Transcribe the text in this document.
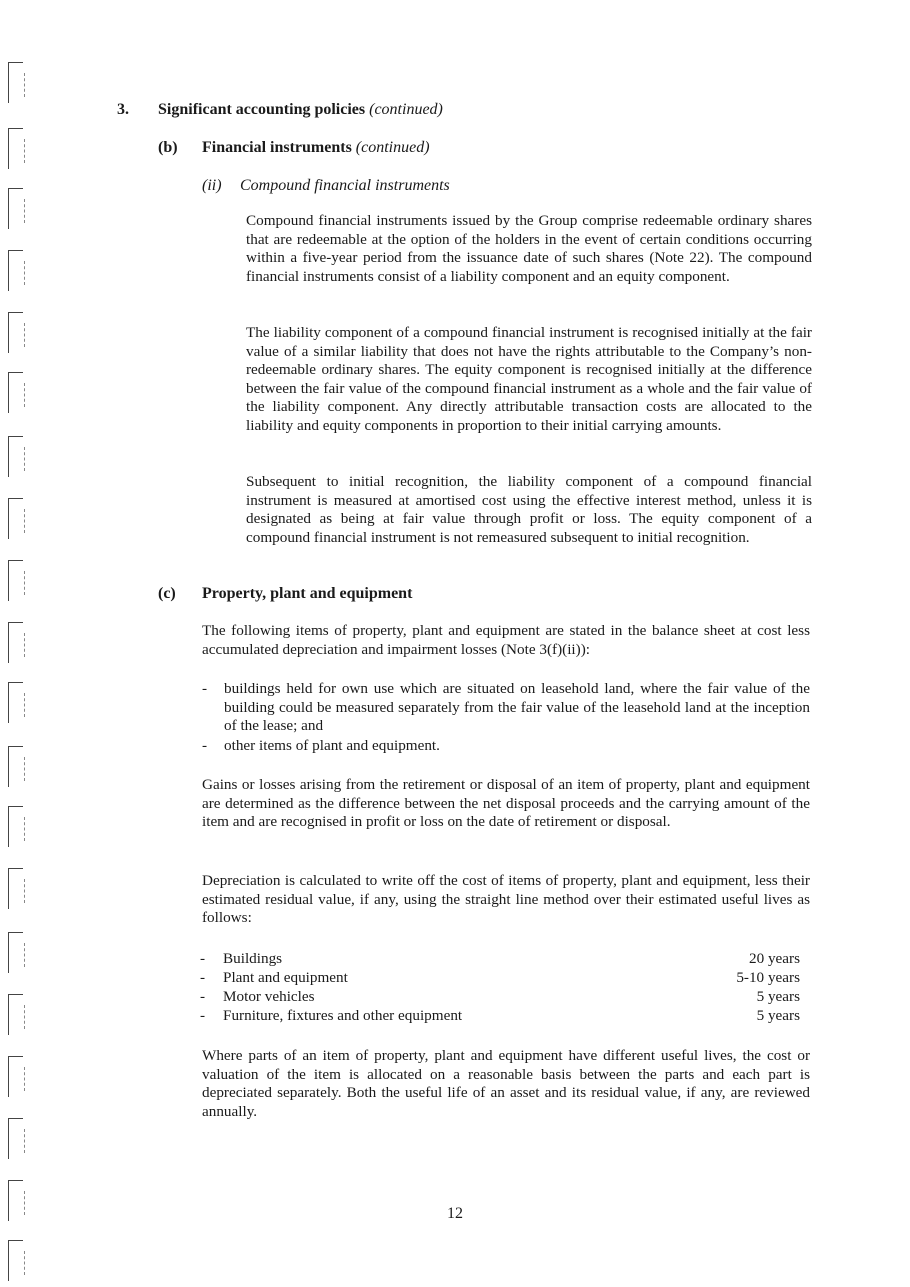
3. Significant accounting policies (continued)
(b) Financial instruments (continued)
(ii) Compound financial instruments

Compound financial instruments issued by the Group comprise redeemable ordinary shares that are redeemable at the option of the holders in the event of certain conditions occurring within a five-year period from the issuance date of such shares (Note 22). The compound financial instruments consist of a liability component and an equity component.

The liability component of a compound financial instrument is recognised initially at the fair value of a similar liability that does not have the rights attributable to the Company’s non-redeemable ordinary shares. The equity component is recognised initially at the difference between the fair value of the compound financial instrument as a whole and the fair value of the liability component. Any directly attributable transaction costs are allocated to the liability and equity components in proportion to their initial carrying amounts.

Subsequent to initial recognition, the liability component of a compound financial instrument is measured at amortised cost using the effective interest method, unless it is designated as being at fair value through profit or loss. The equity component of a compound financial instrument is not remeasured subsequent to initial recognition.

(c) Property, plant and equipment

The following items of property, plant and equipment are stated in the balance sheet at cost less accumulated depreciation and impairment losses (Note 3(f)(ii)):

- buildings held for own use which are situated on leasehold land, where the fair value of the building could be measured separately from the fair value of the leasehold land at the inception of the lease; and
- other items of plant and equipment.

Gains or losses arising from the retirement or disposal of an item of property, plant and equipment are determined as the difference between the net disposal proceeds and the carrying amount of the item and are recognised in profit or loss on the date of retirement or disposal.

Depreciation is calculated to write off the cost of items of property, plant and equipment, less their estimated residual value, if any, using the straight line method over their estimated useful lives as follows:

- Buildings	20 years
- Plant and equipment	5-10 years
- Motor vehicles	5 years
- Furniture, fixtures and other equipment	5 years

Where parts of an item of property, plant and equipment have different useful lives, the cost or valuation of the item is allocated on a reasonable basis between the parts and each part is depreciated separately. Both the useful life of an asset and its residual value, if any, are reviewed annually.

12
